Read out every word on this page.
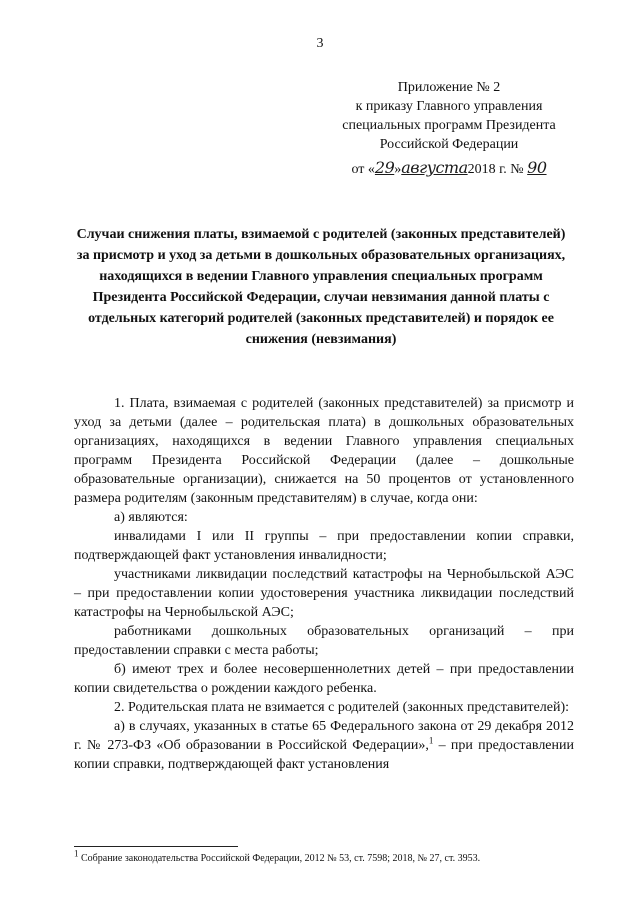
3
Приложение № 2
к приказу Главного управления
специальных программ Президента
Российской Федерации
от «29»августа2018 г. № 90
Случаи снижения платы, взимаемой с родителей (законных представителей) за присмотр и уход за детьми в дошкольных образовательных организациях, находящихся в ведении Главного управления специальных программ Президента Российской Федерации, случаи невзимания данной платы с отдельных категорий родителей (законных представителей) и порядок ее снижения (невзимания)

1. Плата, взимаемая с родителей (законных представителей) за присмотр и уход за детьми (далее – родительская плата) в дошкольных образовательных организациях, находящихся в ведении Главного управления специальных программ Президента Российской Федерации (далее – дошкольные образовательные организации), снижается на 50 процентов от установленного размера родителям (законным представителям) в случае, когда они:

а) являются:

инвалидами I или II группы – при предоставлении копии справки, подтверждающей факт установления инвалидности;

участниками ликвидации последствий катастрофы на Чернобыльской АЭС – при предоставлении копии удостоверения участника ликвидации последствий катастрофы на Чернобыльской АЭС;

работниками дошкольных образовательных организаций – при предоставлении справки с места работы;

б) имеют трех и более несовершеннолетних детей – при предоставлении копии свидетельства о рождении каждого ребенка.

2. Родительская плата не взимается с родителей (законных представителей):

а) в случаях, указанных в статье 65 Федерального закона от 29 декабря 2012 г. № 273-ФЗ «Об образовании в Российской Федерации»,$^1$ – при предоставлении копии справки, подтверждающей факт установления

$^1$ Собрание законодательства Российской Федерации, 2012 № 53, ст. 7598; 2018, № 27, ст. 3953.
